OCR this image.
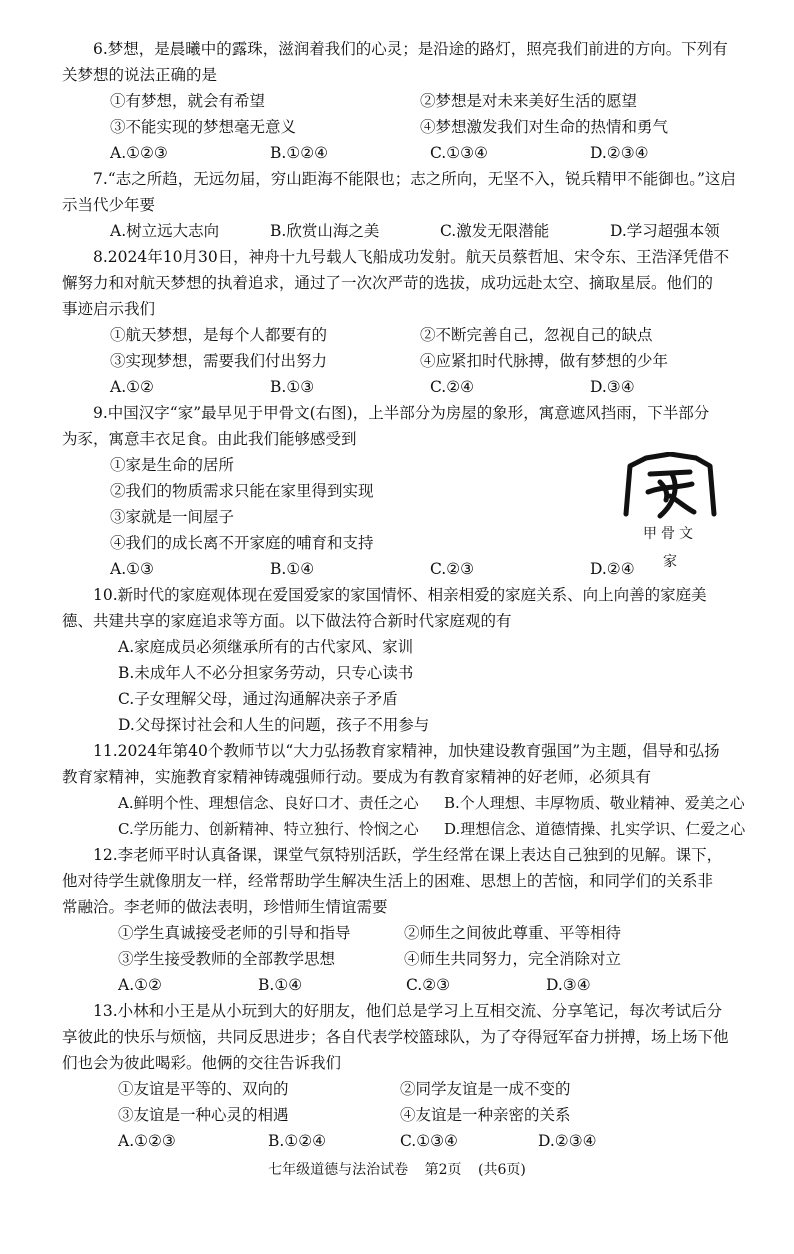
6.梦想，是晨曦中的露珠，滋润着我们的心灵；是沿途的路灯，照亮我们前进的方向。下列有

关梦想的说法正确的是

①有梦想，就会有希望	②梦想是对未来美好生活的愿望
③不能实现的梦想毫无意义	④梦想激发我们对生命的热情和勇气
A.①②③	B.①②④	C.①③④	D.②③④

7.“志之所趋，无远勿届，穷山距海不能限也；志之所向，无坚不入，锐兵精甲不能御也。”这启

示当代少年要

A.树立远大志向	B.欣赏山海之美	C.激发无限潜能	D.学习超强本领

8.2024年10月30日，神舟十九号载人飞船成功发射。航天员蔡哲旭、宋令东、王浩泽凭借不

懈努力和对航天梦想的执着追求，通过了一次次严苛的选拔，成功远赴太空、摘取星辰。他们的

事迹启示我们

①航天梦想，是每个人都要有的	②不断完善自己，忽视自己的缺点
③实现梦想，需要我们付出努力	④应紧扣时代脉搏，做有梦想的少年
A.①②	B.①③	C.②④	D.③④

9.中国汉字“家”最早见于甲骨文(右图)，上半部分为房屋的象形，寓意遮风挡雨，下半部分

为豕，寓意丰衣足食。由此我们能够感受到

①家是生命的居所
②我们的物质需求只能在家里得到实现
③家就是一间屋子
④我们的成长离不开家庭的哺育和支持
A.①③	B.①④	C.②③	D.②④
甲骨文
家

10.新时代的家庭观体现在爱国爱家的家国情怀、相亲相爱的家庭关系、向上向善的家庭美

德、共建共享的家庭追求等方面。以下做法符合新时代家庭观的有

A.家庭成员必须继承所有的古代家风、家训
B.未成年人不必分担家务劳动，只专心读书
C.子女理解父母，通过沟通解决亲子矛盾
D.父母探讨社会和人生的问题，孩子不用参与

11.2024年第40个教师节以“大力弘扬教育家精神，加快建设教育强国”为主题，倡导和弘扬

教育家精神，实施教育家精神铸魂强师行动。要成为有教育家精神的好老师，必须具有

A.鲜明个性、理想信念、良好口才、责任之心	B.个人理想、丰厚物质、敬业精神、爱美之心
C.学历能力、创新精神、特立独行、怜悯之心	D.理想信念、道德情操、扎实学识、仁爱之心

12.李老师平时认真备课，课堂气氛特别活跃，学生经常在课上表达自己独到的见解。课下，

他对待学生就像朋友一样，经常帮助学生解决生活上的困难、思想上的苦恼，和同学们的关系非

常融洽。李老师的做法表明，珍惜师生情谊需要

①学生真诚接受老师的引导和指导	②师生之间彼此尊重、平等相待
③学生接受教师的全部教学思想	④师生共同努力，完全消除对立
A.①②	B.①④	C.②③	D.③④

13.小林和小王是从小玩到大的好朋友，他们总是学习上互相交流、分享笔记，每次考试后分

享彼此的快乐与烦恼，共同反思进步；各自代表学校篮球队，为了夺得冠军奋力拼搏，场上场下他

们也会为彼此喝彩。他俩的交往告诉我们

①友谊是平等的、双向的	②同学友谊是一成不变的
③友谊是一种心灵的相遇	④友谊是一种亲密的关系
A.①②③	B.①②④	C.①③④	D.②③④
七年级道德与法治试卷 第2页 (共6页)
